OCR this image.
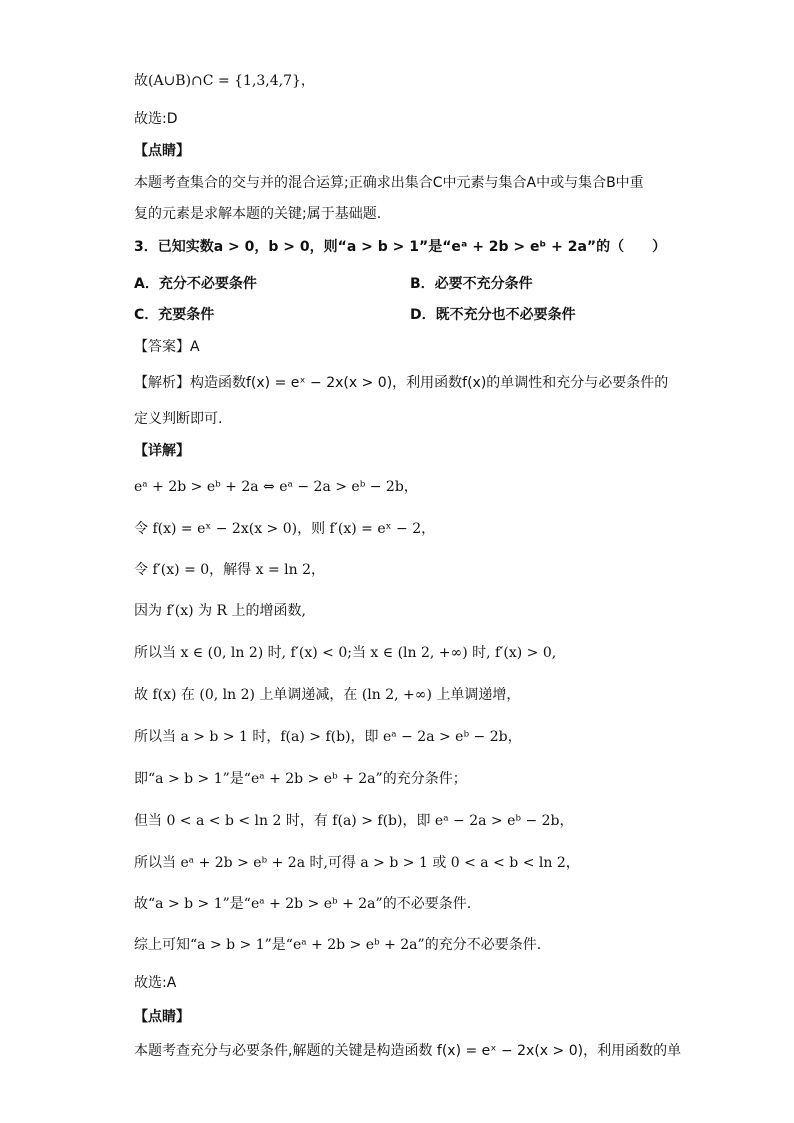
故(A∪B)∩C = {1,3,4,7}，
故选:D
【点睛】
本题考查集合的交与并的混合运算;正确求出集合C中元素与集合A中或与集合B中重
复的元素是求解本题的关键;属于基础题.
3．已知实数a > 0，b > 0，则“a > b > 1”是“eᵃ + 2b > eᵇ + 2a”的（　　）
A．充分不必要条件	B．必要不充分条件
C．充要条件	D．既不充分也不必要条件
【答案】A
【解析】构造函数f(x) = eˣ − 2x(x > 0)，利用函数f(x)的单调性和充分与必要条件的
定义判断即可.
【详解】
eᵃ + 2b > eᵇ + 2a ⇔ eᵃ − 2a > eᵇ − 2b，
令 f(x) = eˣ − 2x(x > 0)，则 f′(x) = eˣ − 2，
令 f′(x) = 0，解得 x = ln 2，
因为 f′(x) 为 R 上的增函数,
所以当 x ∈ (0, ln 2) 时, f′(x) < 0;当 x ∈ (ln 2, +∞) 时, f′(x) > 0,
故 f(x) 在 (0, ln 2) 上单调递减，在 (ln 2, +∞) 上单调递增，
所以当 a > b > 1 时，f(a) > f(b)，即 eᵃ − 2a > eᵇ − 2b，
即“a > b > 1”是“eᵃ + 2b > eᵇ + 2a”的充分条件；
但当 0 < a < b < ln 2 时，有 f(a) > f(b)，即 eᵃ − 2a > eᵇ − 2b，
所以当 eᵃ + 2b > eᵇ + 2a 时,可得 a > b > 1 或 0 < a < b < ln 2，
故“a > b > 1”是“eᵃ + 2b > eᵇ + 2a”的不必要条件.
综上可知“a > b > 1”是“eᵃ + 2b > eᵇ + 2a”的充分不必要条件.
故选:A
【点睛】
本题考查充分与必要条件,解题的关键是构造函数 f(x) = eˣ − 2x(x > 0)，利用函数的单
